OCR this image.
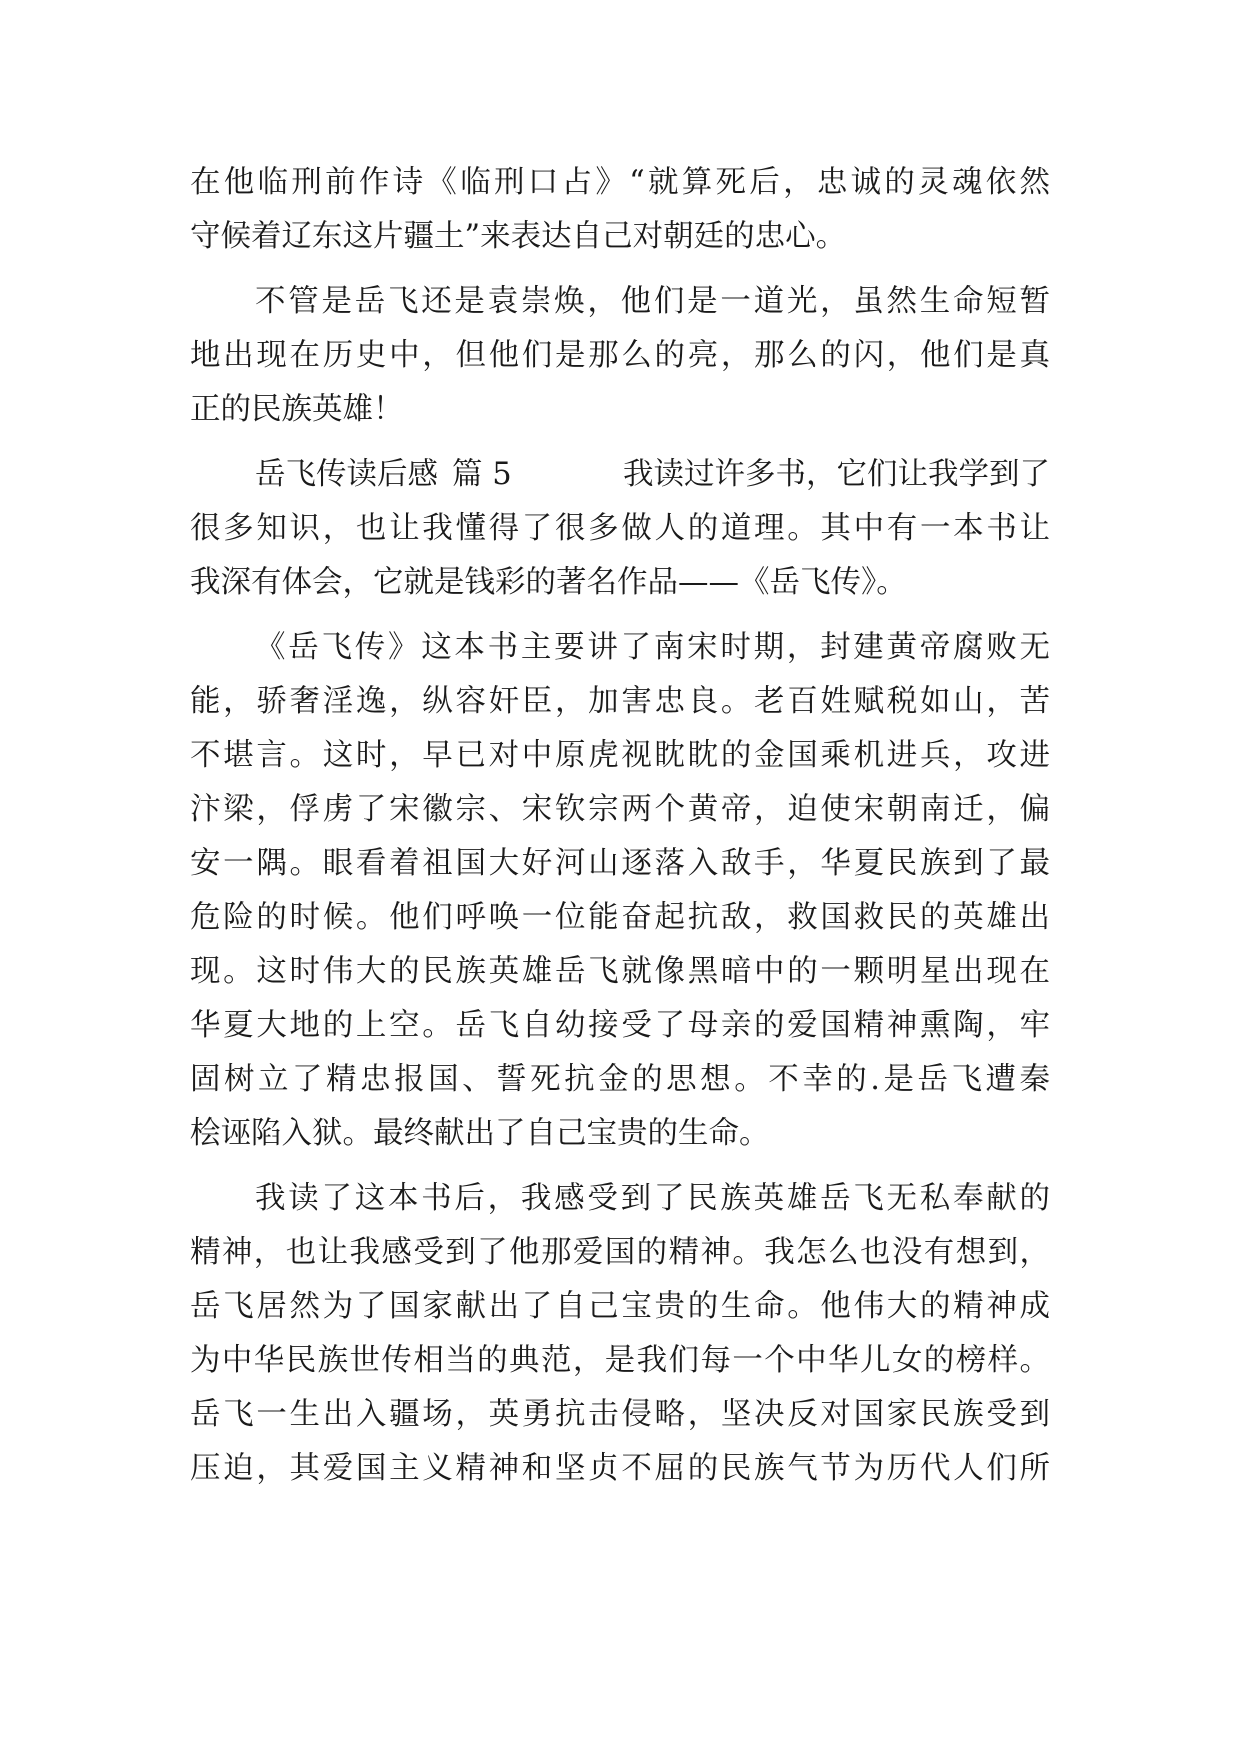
在他临刑前作诗《临刑口占》“就算死后，忠诚的灵魂依然
守候着辽东这片疆土”来表达自己对朝廷的忠心。
不管是岳飞还是袁崇焕，他们是一道光，虽然生命短暂
地出现在历史中，但他们是那么的亮，那么的闪，他们是真
正的民族英雄！
岳飞传读后感 篇 5	我读过许多书，它们让我学到了
很多知识，也让我懂得了很多做人的道理。其中有一本书让
我深有体会，它就是钱彩的著名作品——《岳飞传》。
《岳飞传》这本书主要讲了南宋时期，封建黄帝腐败无
能，骄奢淫逸，纵容奸臣，加害忠良。老百姓赋税如山，苦
不堪言。这时，早已对中原虎视眈眈的金国乘机进兵，攻进
汴梁，俘虏了宋徽宗、宋钦宗两个黄帝，迫使宋朝南迁，偏
安一隅。眼看着祖国大好河山逐落入敌手，华夏民族到了最
危险的时候。他们呼唤一位能奋起抗敌，救国救民的英雄出
现。这时伟大的民族英雄岳飞就像黑暗中的一颗明星出现在
华夏大地的上空。岳飞自幼接受了母亲的爱国精神熏陶，牢
固树立了精忠报国、誓死抗金的思想。不幸的.是岳飞遭秦
桧诬陷入狱。最终献出了自己宝贵的生命。
我读了这本书后，我感受到了民族英雄岳飞无私奉献的
精神，也让我感受到了他那爱国的精神。我怎么也没有想到，
岳飞居然为了国家献出了自己宝贵的生命。他伟大的精神成
为中华民族世传相当的典范，是我们每一个中华儿女的榜样。
岳飞一生出入疆场，英勇抗击侵略，坚决反对国家民族受到
压迫，其爱国主义精神和坚贞不屈的民族气节为历代人们所
